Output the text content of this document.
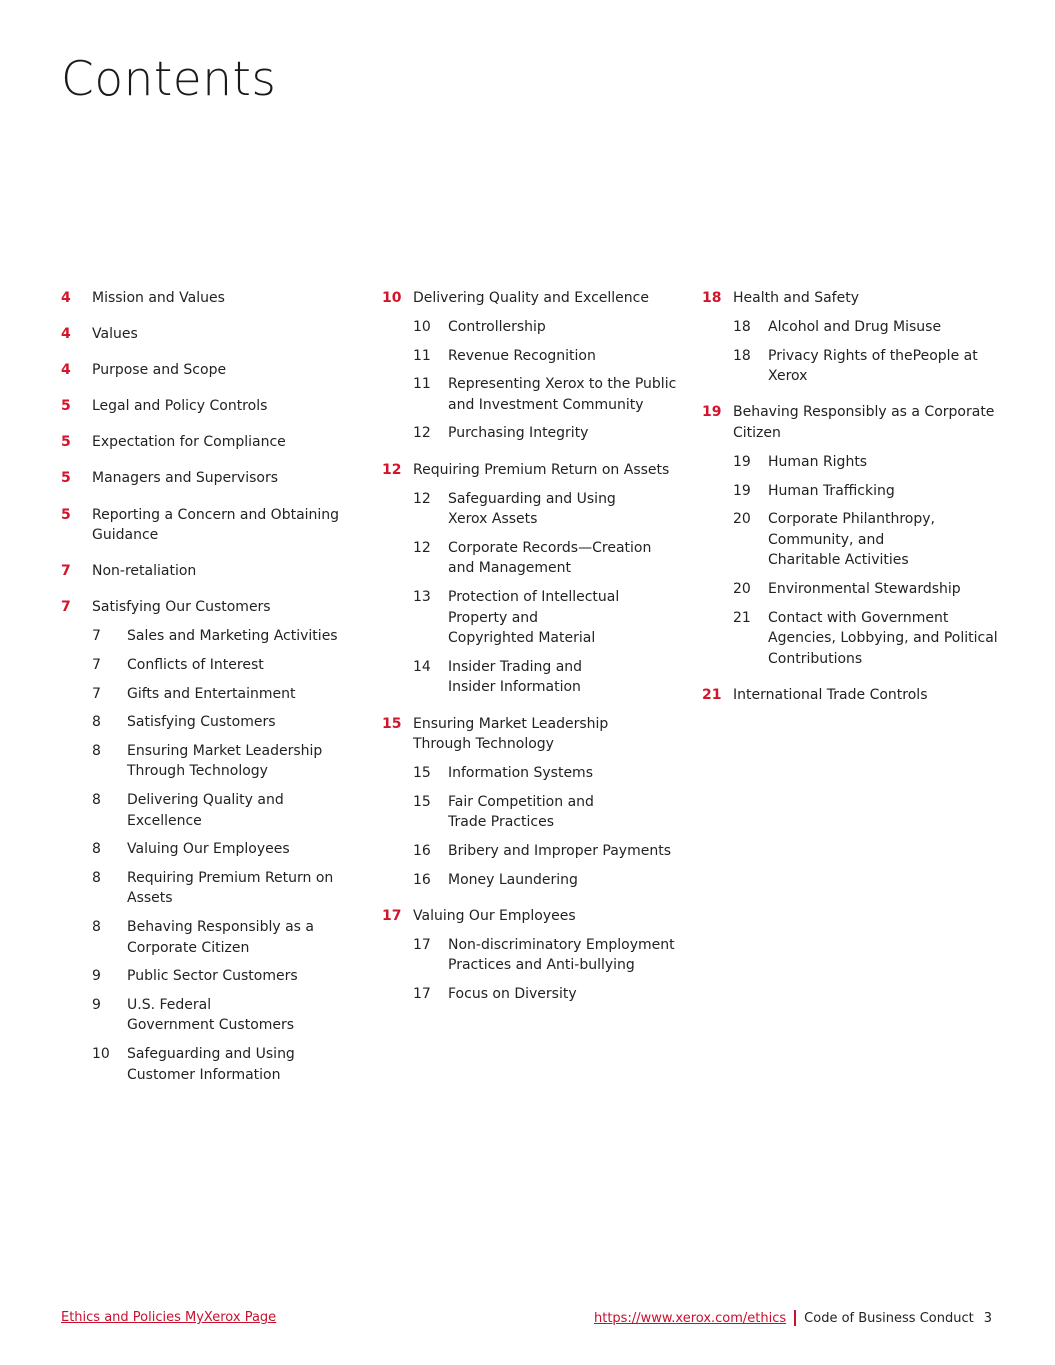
Contents
4	Mission and Values
4	Values
4	Purpose and Scope
5	Legal and Policy Controls
5	Expectation for Compliance
5	Managers and Supervisors
5	Reporting a Concern and Obtaining
Guidance
7	Non-retaliation
7	Satisfying Our Customers
7	Sales and Marketing Activities
7	Conflicts of Interest
7	Gifts and Entertainment
8	Satisfying Customers
8	Ensuring Market Leadership
Through Technology
8	Delivering Quality and
Excellence
8	Valuing Our Employees
8	Requiring Premium Return on
Assets
8	Behaving Responsibly as a
Corporate Citizen
9	Public Sector Customers
9	U.S. Federal
Government Customers
10	Safeguarding and Using
Customer Information
10 Delivering Quality and Excellence
10	Controllership
11	Revenue Recognition
11	Representing Xerox to the Public
and Investment Community
12	Purchasing Integrity
12 Requiring Premium Return on Assets
12	Safeguarding and Using
Xerox Assets
12	Corporate Records—Creation
and Management
13	Protection of Intellectual
Property and
Copyrighted Material
14	Insider Trading and
Insider Information
15 Ensuring Market Leadership
Through Technology
15	Information Systems
15	Fair Competition and
Trade Practices
16	Bribery and Improper Payments
16	Money Laundering
17 Valuing Our Employees
17	Non-discriminatory Employment
Practices and Anti-bullying
17	Focus on Diversity
18 Health and Safety
18	Alcohol and Drug Misuse
18	Privacy Rights of thePeople at
Xerox
19 Behaving Responsibly as a Corporate
Citizen
19	Human Rights
19	Human Trafficking
20	Corporate Philanthropy,
Community, and
Charitable Activities
20	Environmental Stewardship
21	Contact with Government
Agencies, Lobbying, and Political
Contributions
21 International Trade Controls
Ethics and Policies MyXerox Page	https://www.xerox.com/ethics Code of Business Conduct 3
